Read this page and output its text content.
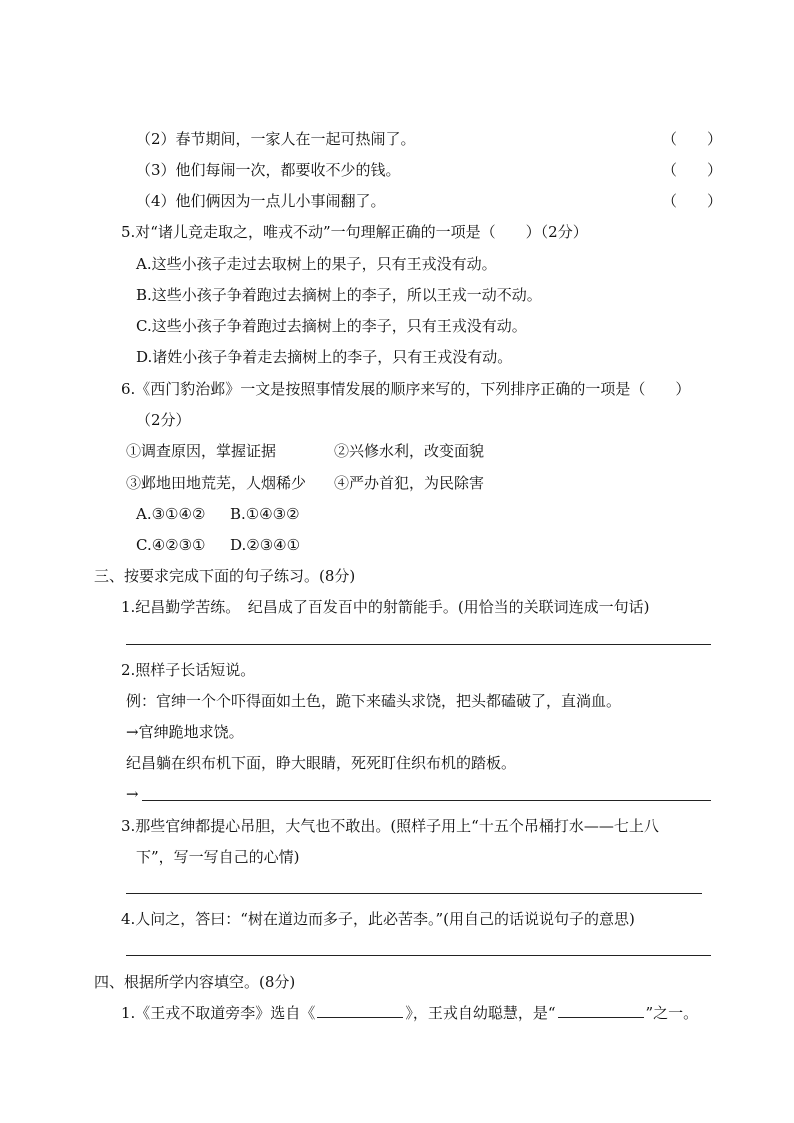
（2）春节期间，一家人在一起可热闹了。	（　　）
（3）他们每闹一次，都要收不少的钱。	（　　）
（4）他们俩因为一点儿小事闹翻了。	（　　）
5.对“诸儿竞走取之，唯戎不动”一句理解正确的一项是（　　）（2分）
A.这些小孩子走过去取树上的果子，只有王戎没有动。
B.这些小孩子争着跑过去摘树上的李子，所以王戎一动不动。
C.这些小孩子争着跑过去摘树上的李子，只有王戎没有动。
D.诸姓小孩子争着走去摘树上的李子，只有王戎没有动。
6.《西门豹治邺》一文是按照事情发展的顺序来写的，下列排序正确的一项是（　　）
（2分）
①调查原因，掌握证据	②兴修水利，改变面貌
③邺地田地荒芜，人烟稀少 ④严办首犯，为民除害
A.③①④② B.①④③②
C.④②③① D.②③④①
三、按要求完成下面的句子练习。(8分)
1.纪昌勤学苦练。　纪昌成了百发百中的射箭能手。(用恰当的关联词连成一句话)
2.照样子长话短说。
例：官绅一个个吓得面如土色，跪下来磕头求饶，把头都磕破了，直淌血。
→官绅跪地求饶。
纪昌躺在织布机下面，睁大眼睛，死死盯住织布机的踏板。
→
3.那些官绅都提心吊胆，大气也不敢出。(照样子用上“十五个吊桶打水——七上八
下”，写一写自己的心情)
4.人问之，答曰：“树在道边而多子，此必苦李。”(用自己的话说说句子的意思)
四、根据所学内容填空。(8分)
1.《王戎不取道旁李》选自《	》，王戎自幼聪慧，是“	”之一。
